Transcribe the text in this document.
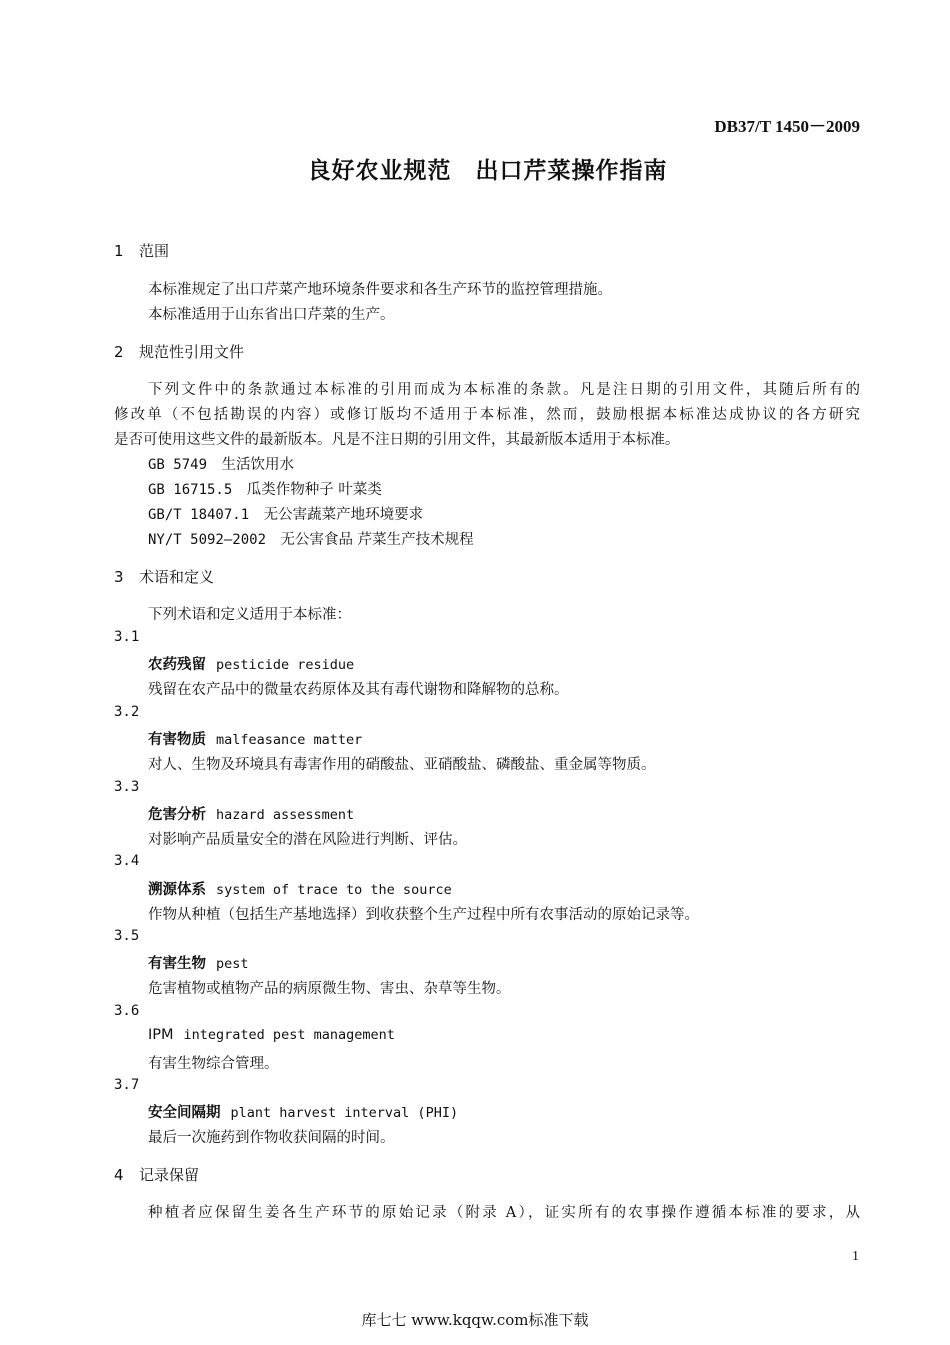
DB37/T 1450－2009
良好农业规范　出口芹菜操作指南
1 范围
本标准规定了出口芹菜产地环境条件要求和各生产环节的监控管理措施。
本标准适用于山东省出口芹菜的生产。
2 规范性引用文件
下列文件中的条款通过本标准的引用而成为本标准的条款。凡是注日期的引用文件，其随后所有的
修改单（不包括勘误的内容）或修订版均不适用于本标准，然而，鼓励根据本标准达成协议的各方研究
是否可使用这些文件的最新版本。凡是不注日期的引用文件，其最新版本适用于本标准。
GB 5749　 生活饮用水
GB 16715.5　 瓜类作物种子 叶菜类
GB/T 18407.1　 无公害蔬菜产地环境要求
NY/T 5092—2002　 无公害食品 芹菜生产技术规程
3 术语和定义
下列术语和定义适用于本标准：
3.1
农药残留 pesticide residue
残留在农产品中的微量农药原体及其有毒代谢物和降解物的总称。
3.2
有害物质 malfeasance matter
对人、生物及环境具有毒害作用的硝酸盐、亚硝酸盐、磷酸盐、重金属等物质。
3.3
危害分析 hazard assessment
对影响产品质量安全的潜在风险进行判断、评估。
3.4
溯源体系 system of trace to the source
作物从种植（包括生产基地选择）到收获整个生产过程中所有农事活动的原始记录等。
3.5
有害生物 pest
危害植物或植物产品的病原微生物、害虫、杂草等生物。
3.6
IPM integrated pest management
有害生物综合管理。
3.7
安全间隔期 plant harvest interval (PHI)
最后一次施药到作物收获间隔的时间。
4 记录保留
种植者应保留生姜各生产环节的原始记录（附录 A），证实所有的农事操作遵循本标准的要求，从
1
库七七 www.kqqw.com标准下载
